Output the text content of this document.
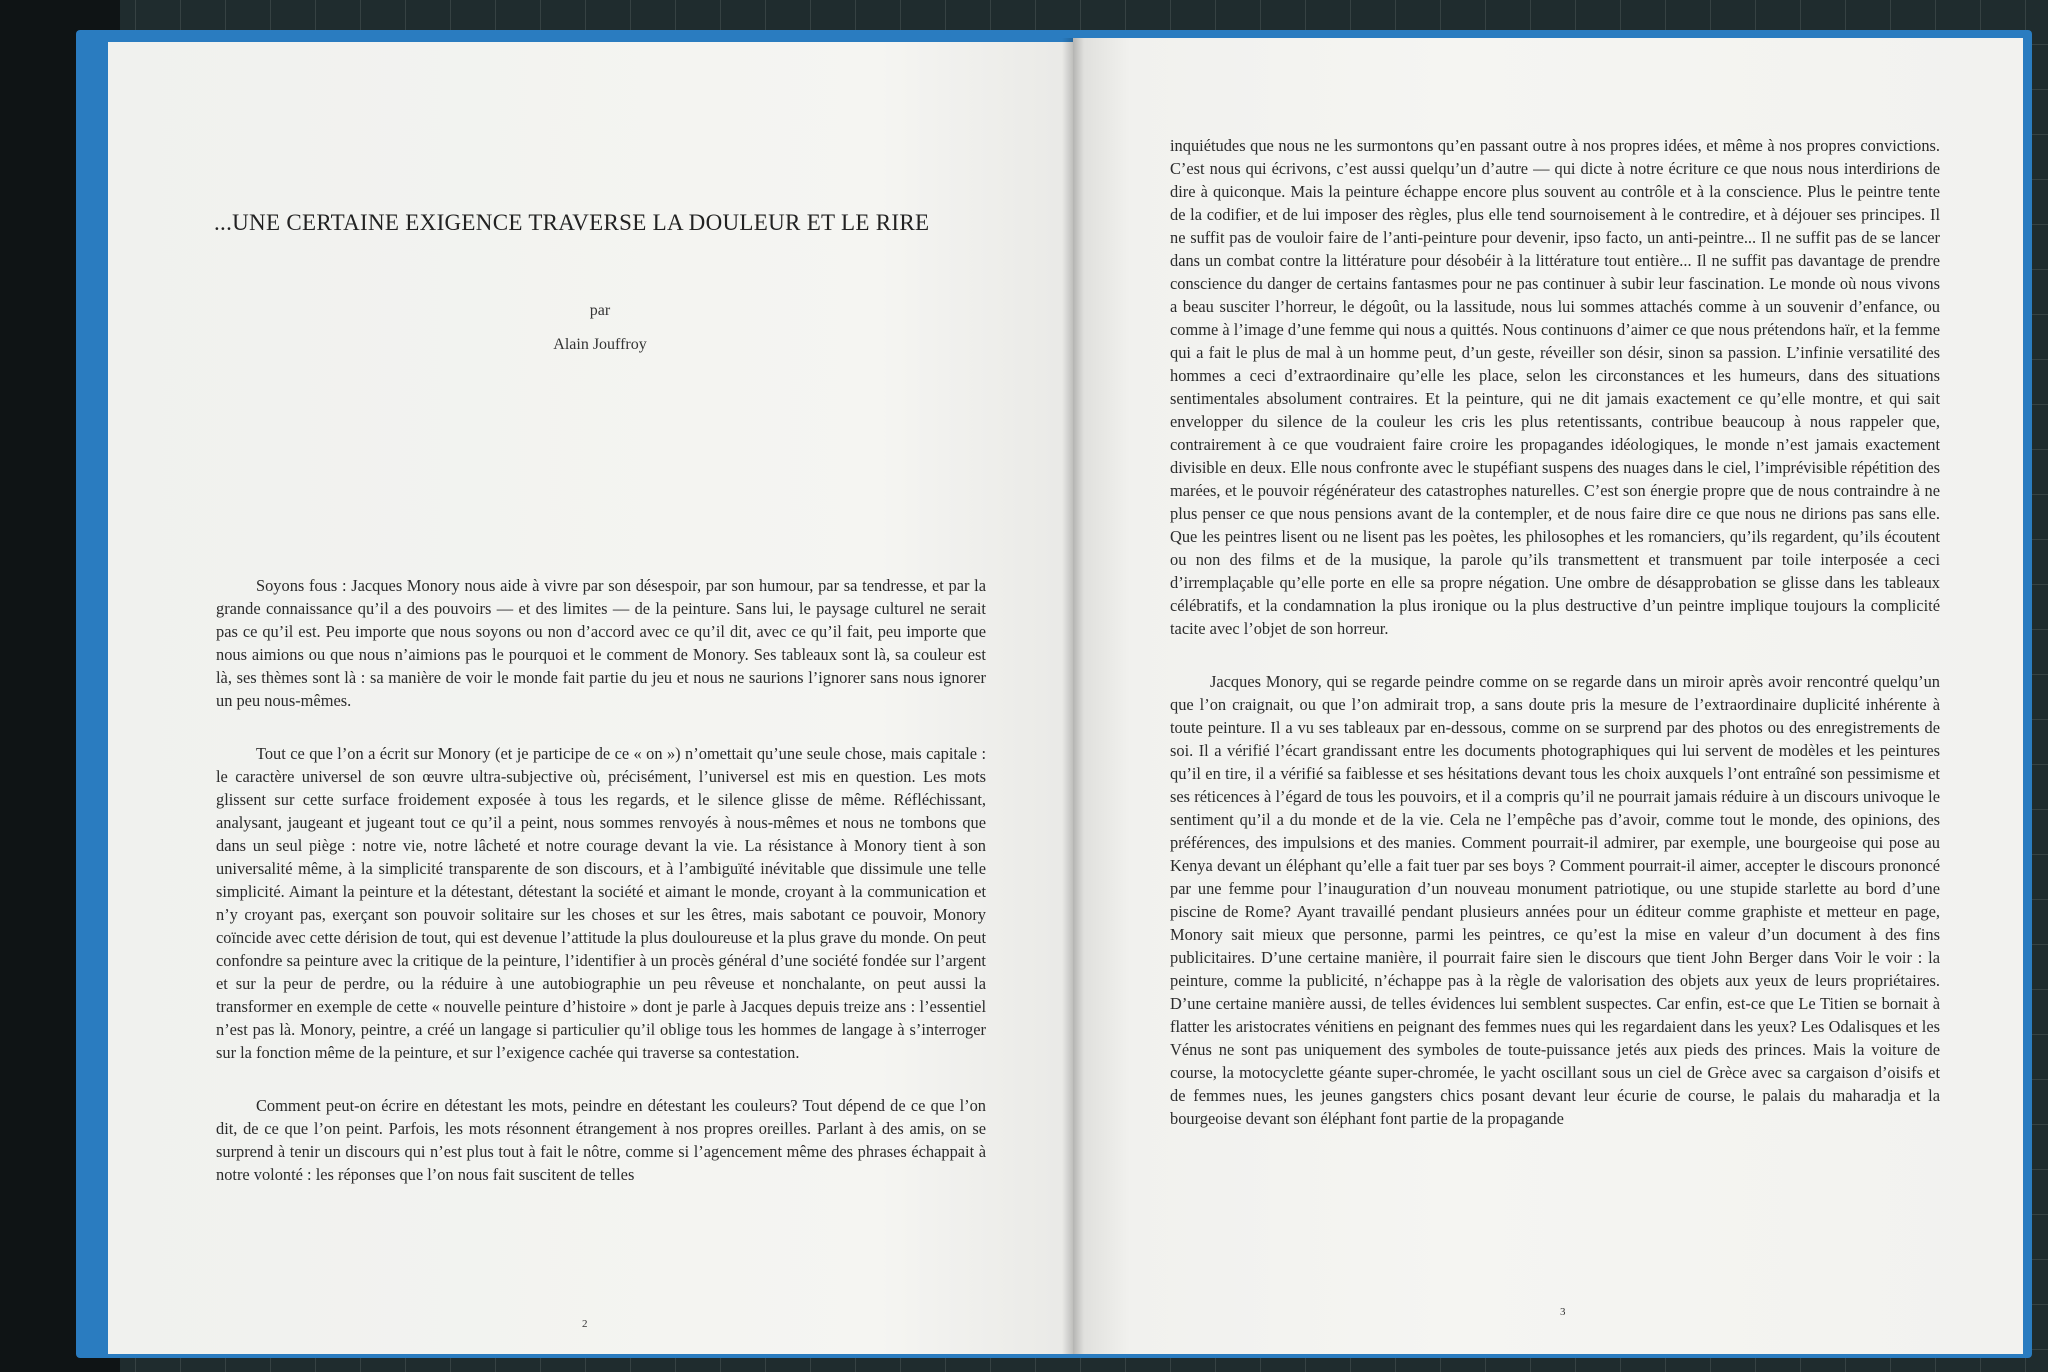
...UNE CERTAINE EXIGENCE TRAVERSE LA DOULEUR ET LE RIRE
par
Alain Jouffroy

Soyons fous : Jacques Monory nous aide à vivre par son désespoir, par son humour, par sa tendresse, et par la grande connaissance qu’il a des pouvoirs — et des limites — de la peinture. Sans lui, le paysage culturel ne serait pas ce qu’il est. Peu importe que nous soyons ou non d’accord avec ce qu’il dit, avec ce qu’il fait, peu importe que nous aimions ou que nous n’aimions pas le pourquoi et le comment de Monory. Ses tableaux sont là, sa couleur est là, ses thèmes sont là : sa manière de voir le monde fait partie du jeu et nous ne saurions l’ignorer sans nous ignorer un peu nous-mêmes.

Tout ce que l’on a écrit sur Monory (et je participe de ce « on ») n’omettait qu’une seule chose, mais capitale : le caractère universel de son œuvre ultra-subjective où, précisément, l’universel est mis en question. Les mots glissent sur cette surface froidement exposée à tous les regards, et le silence glisse de même. Réfléchissant, analysant, jaugeant et jugeant tout ce qu’il a peint, nous sommes renvoyés à nous-mêmes et nous ne tombons que dans un seul piège : notre vie, notre lâcheté et notre courage devant la vie. La résistance à Monory tient à son universalité même, à la simplicité transparente de son discours, et à l’ambiguïté inévitable que dissimule une telle simplicité. Aimant la peinture et la détestant, détestant la société et aimant le monde, croyant à la communication et n’y croyant pas, exerçant son pouvoir solitaire sur les choses et sur les êtres, mais sabotant ce pouvoir, Monory coïncide avec cette dérision de tout, qui est devenue l’attitude la plus douloureuse et la plus grave du monde. On peut confondre sa peinture avec la critique de la peinture, l’identifier à un procès général d’une société fondée sur l’argent et sur la peur de perdre, ou la réduire à une autobiographie un peu rêveuse et nonchalante, on peut aussi la transformer en exemple de cette « nouvelle peinture d’histoire » dont je parle à Jacques depuis treize ans : l’essentiel n’est pas là. Monory, peintre, a créé un langage si particulier qu’il oblige tous les hommes de langage à s’interroger sur la fonction même de la peinture, et sur l’exigence cachée qui traverse sa contestation.

Comment peut-on écrire en détestant les mots, peindre en détestant les couleurs? Tout dépend de ce que l’on dit, de ce que l’on peint. Parfois, les mots résonnent étrangement à nos propres oreilles. Parlant à des amis, on se surprend à tenir un discours qui n’est plus tout à fait le nôtre, comme si l’agencement même des phrases échappait à notre volonté : les réponses que l’on nous fait suscitent de telles

inquiétudes que nous ne les surmontons qu’en passant outre à nos propres idées, et même à nos propres convictions. C’est nous qui écrivons, c’est aussi quelqu’un d’autre — qui dicte à notre écriture ce que nous nous interdirions de dire à quiconque. Mais la peinture échappe encore plus souvent au contrôle et à la conscience. Plus le peintre tente de la codifier, et de lui imposer des règles, plus elle tend sournoisement à le contredire, et à déjouer ses principes. Il ne suffit pas de vouloir faire de l’anti-peinture pour devenir, ipso facto, un anti-peintre... Il ne suffit pas de se lancer dans un combat contre la littérature pour désobéir à la littérature tout entière... Il ne suffit pas davantage de prendre conscience du danger de certains fantasmes pour ne pas continuer à subir leur fascination. Le monde où nous vivons a beau susciter l’horreur, le dégoût, ou la lassitude, nous lui sommes attachés comme à un souvenir d’enfance, ou comme à l’image d’une femme qui nous a quittés. Nous continuons d’aimer ce que nous prétendons haïr, et la femme qui a fait le plus de mal à un homme peut, d’un geste, réveiller son désir, sinon sa passion. L’infinie versatilité des hommes a ceci d’extraordinaire qu’elle les place, selon les circonstances et les humeurs, dans des situations sentimentales absolument contraires. Et la peinture, qui ne dit jamais exactement ce qu’elle montre, et qui sait envelopper du silence de la couleur les cris les plus retentissants, contribue beaucoup à nous rappeler que, contrairement à ce que voudraient faire croire les propagandes idéologiques, le monde n’est jamais exactement divisible en deux. Elle nous confronte avec le stupéfiant suspens des nuages dans le ciel, l’imprévisible répétition des marées, et le pouvoir régénérateur des catastrophes naturelles. C’est son énergie propre que de nous contraindre à ne plus penser ce que nous pensions avant de la contempler, et de nous faire dire ce que nous ne dirions pas sans elle. Que les peintres lisent ou ne lisent pas les poètes, les philosophes et les romanciers, qu’ils regardent, qu’ils écoutent ou non des films et de la musique, la parole qu’ils transmettent et transmuent par toile interposée a ceci d’irremplaçable qu’elle porte en elle sa propre négation. Une ombre de désapprobation se glisse dans les tableaux célébratifs, et la condamnation la plus ironique ou la plus destructive d’un peintre implique toujours la complicité tacite avec l’objet de son horreur.

Jacques Monory, qui se regarde peindre comme on se regarde dans un miroir après avoir rencontré quelqu’un que l’on craignait, ou que l’on admirait trop, a sans doute pris la mesure de l’extraordinaire duplicité inhérente à toute peinture. Il a vu ses tableaux par en-dessous, comme on se surprend par des photos ou des enregistrements de soi. Il a vérifié l’écart grandissant entre les documents photographiques qui lui servent de modèles et les peintures qu’il en tire, il a vérifié sa faiblesse et ses hésitations devant tous les choix auxquels l’ont entraîné son pessimisme et ses réticences à l’égard de tous les pouvoirs, et il a compris qu’il ne pourrait jamais réduire à un discours univoque le sentiment qu’il a du monde et de la vie. Cela ne l’empêche pas d’avoir, comme tout le monde, des opinions, des préférences, des impulsions et des manies. Comment pourrait-il admirer, par exemple, une bourgeoise qui pose au Kenya devant un éléphant qu’elle a fait tuer par ses boys ? Comment pourrait-il aimer, accepter le discours prononcé par une femme pour l’inauguration d’un nouveau monument patriotique, ou une stupide starlette au bord d’une piscine de Rome? Ayant travaillé pendant plusieurs années pour un éditeur comme graphiste et metteur en page, Monory sait mieux que personne, parmi les peintres, ce qu’est la mise en valeur d’un document à des fins publicitaires. D’une certaine manière, il pourrait faire sien le discours que tient John Berger dans Voir le voir : la peinture, comme la publicité, n’échappe pas à la règle de valorisation des objets aux yeux de leurs propriétaires. D’une certaine manière aussi, de telles évidences lui semblent suspectes. Car enfin, est-ce que Le Titien se bornait à flatter les aristocrates vénitiens en peignant des femmes nues qui les regardaient dans les yeux? Les Odalisques et les Vénus ne sont pas uniquement des symboles de toute-puissance jetés aux pieds des princes. Mais la voiture de course, la motocyclette géante super-chromée, le yacht oscillant sous un ciel de Grèce avec sa cargaison d’oisifs et de femmes nues, les jeunes gangsters chics posant devant leur écurie de course, le palais du maharadja et la bourgeoise devant son éléphant font partie de la propagande

2
3
